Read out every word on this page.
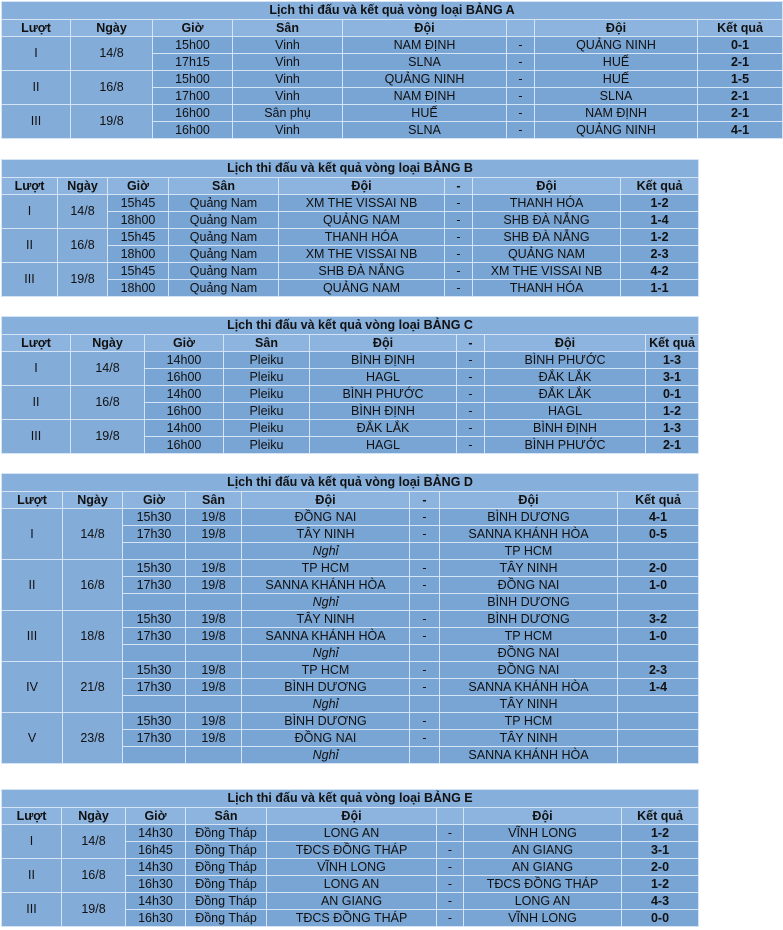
Lịch thi đấu và kết quả vòng loại BẢNG A							
Lượt	Ngày	Giờ	Sân	Đội		Đội	Kết quả
I	14/8	15h00	Vinh	NAM ĐỊNH	-	QUẢNG NINH	0-1
		17h15	Vinh	SLNA	-	HUẾ	2-1
II	16/8	15h00	Vinh	QUẢNG NINH	-	HUẾ	1-5
		17h00	Vinh	NAM ĐỊNH	-	SLNA	2-1
III	19/8	16h00	Sân phụ	HUẾ	-	NAM ĐỊNH	2-1
		16h00	Vinh	SLNA	-	QUẢNG NINH	4-1
Lịch thi đấu và kết quả vòng loại BẢNG B							
Lượt	Ngày	Giờ	Sân	Đội	-	Đội	Kết quả
I	14/8	15h45	Quảng Nam	XM THE VISSAI NB	-	THANH HÓA	1-2
		18h00	Quảng Nam	QUẢNG NAM	-	SHB ĐÀ NẴNG	1-4
II	16/8	15h45	Quảng Nam	THANH HÓA	-	SHB ĐÀ NẴNG	1-2
		18h00	Quảng Nam	XM THE VISSAI NB	-	QUẢNG NAM	2-3
III	19/8	15h45	Quảng Nam	SHB ĐÀ NẴNG	-	XM THE VISSAI NB	4-2
		18h00	Quảng Nam	QUẢNG NAM	-	THANH HÓA	1-1
Lịch thi đấu và kết quả vòng loại BẢNG C							
Lượt	Ngày	Giờ	Sân	Đội	-	Đội	Kết quả
I	14/8	14h00	Pleiku	BÌNH ĐỊNH	-	BÌNH PHƯỚC	1-3
		16h00	Pleiku	HAGL	-	ĐẮK LẮK	3-1
II	16/8	14h00	Pleiku	BÌNH PHƯỚC	-	ĐẮK LẮK	0-1
		16h00	Pleiku	BÌNH ĐỊNH	-	HAGL	1-2
III	19/8	14h00	Pleiku	ĐẮK LẮK	-	BÌNH ĐỊNH	1-3
		16h00	Pleiku	HAGL	-	BÌNH PHƯỚC	2-1
Lịch thi đấu và kết quả vòng loại BẢNG D							
Lượt	Ngày	Giờ	Sân	Đội	-	Đội	Kết quả
I	14/8	15h30	19/8	ĐỒNG NAI	-	BÌNH DƯƠNG	4-1
		17h30	19/8	TÂY NINH	-	SANNA KHÁNH HÒA	0-5
				Nghỉ		TP HCM	
II	16/8	15h30	19/8	TP HCM	-	TÂY NINH	2-0
		17h30	19/8	SANNA KHÁNH HÒA	-	ĐỒNG NAI	1-0
				Nghỉ		BÌNH DƯƠNG	
III	18/8	15h30	19/8	TÂY NINH	-	BÌNH DƯƠNG	3-2
		17h30	19/8	SANNA KHÁNH HÒA	-	TP HCM	1-0
				Nghỉ		ĐỒNG NAI	
IV	21/8	15h30	19/8	TP HCM	-	ĐỒNG NAI	2-3
		17h30	19/8	BÌNH DƯƠNG	-	SANNA KHÁNH HÒA	1-4
				Nghỉ		TÂY NINH	
V	23/8	15h30	19/8	BÌNH DƯƠNG	-	TP HCM	
		17h30	19/8	ĐỒNG NAI	-	TÂY NINH	
				Nghỉ		SANNA KHÁNH HÒA	
Lịch thi đấu và kết quả vòng loại BẢNG E							
Lượt	Ngày	Giờ	Sân	Đội		Đội	Kết quả
I	14/8	14h30	Đồng Tháp	LONG AN	-	VĨNH LONG	1-2
		16h45	Đồng Tháp	TĐCS ĐỒNG THÁP	-	AN GIANG	3-1
II	16/8	14h30	Đồng Tháp	VĨNH LONG	-	AN GIANG	2-0
		16h30	Đồng Tháp	LONG AN	-	TĐCS ĐỒNG THÁP	1-2
III	19/8	14h30	Đồng Tháp	AN GIANG	-	LONG AN	4-3
		16h30	Đồng Tháp	TĐCS ĐỒNG THÁP	-	VĨNH LONG	0-0
